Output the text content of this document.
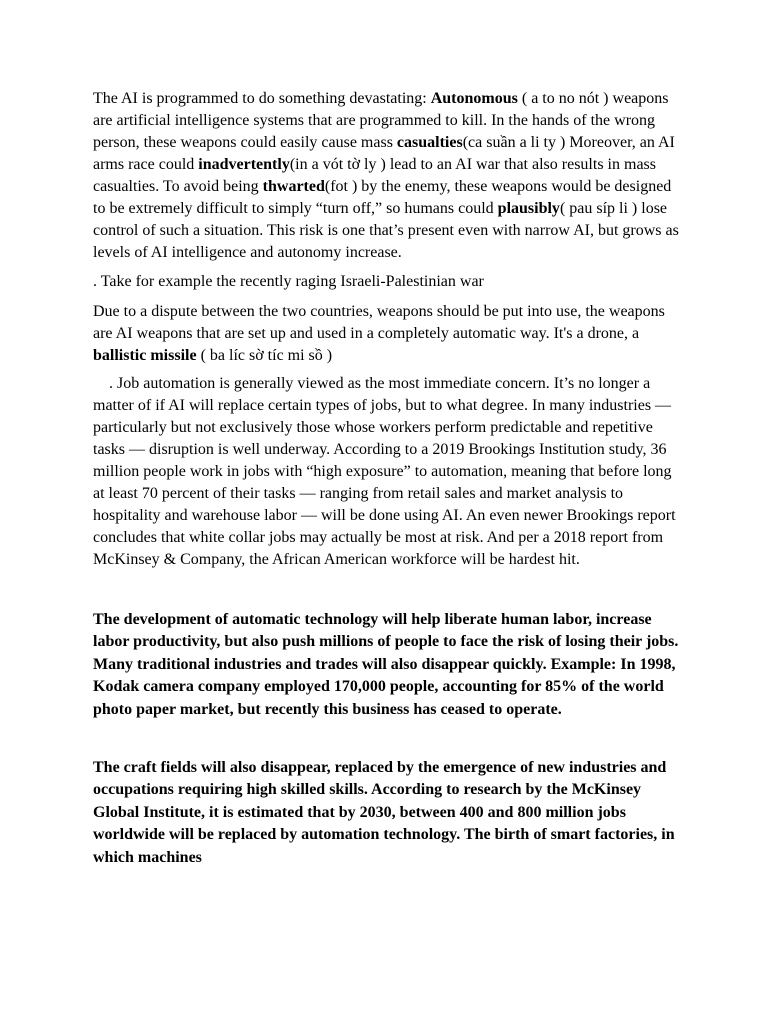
The AI is programmed to do something devastating: Autonomous ( a to no nót ) weapons are artificial intelligence systems that are programmed to kill. In the hands of the wrong person, these weapons could easily cause mass casualties(ca suần a li ty ) Moreover, an AI arms race could inadvertently(in a vót tờ ly ) lead to an AI war that also results in mass casualties. To avoid being thwarted(fot ) by the enemy, these weapons would be designed to be extremely difficult to simply “turn off,” so humans could plausibly( pau síp li ) lose control of such a situation. This risk is one that’s present even with narrow AI, but grows as levels of AI intelligence and autonomy increase.

. Take for example the recently raging Israeli-Palestinian war

Due to a dispute between the two countries, weapons should be put into use, the weapons are AI weapons that are set up and used in a completely automatic way. It's a drone, a ballistic missile ( ba líc sờ tíc mi sồ )

. Job automation is generally viewed as the most immediate concern. It’s no longer a matter of if AI will replace certain types of jobs, but to what degree. In many industries — particularly but not exclusively those whose workers perform predictable and repetitive tasks — disruption is well underway. According to a 2019 Brookings Institution study, 36 million people work in jobs with “high exposure” to automation, meaning that before long at least 70 percent of their tasks — ranging from retail sales and market analysis to hospitality and warehouse labor — will be done using AI. An even newer Brookings report concludes that white collar jobs may actually be most at risk. And per a 2018 report from McKinsey & Company, the African American workforce will be hardest hit.

The development of automatic technology will help liberate human labor, increase labor productivity, but also push millions of people to face the risk of losing their jobs. Many traditional industries and trades will also disappear quickly. Example: In 1998, Kodak camera company employed 170,000 people, accounting for 85% of the world photo paper market, but recently this business has ceased to operate.

The craft fields will also disappear, replaced by the emergence of new industries and occupations requiring high skilled skills. According to research by the McKinsey Global Institute, it is estimated that by 2030, between 400 and 800 million jobs worldwide will be replaced by automation technology. The birth of smart factories, in which machines
